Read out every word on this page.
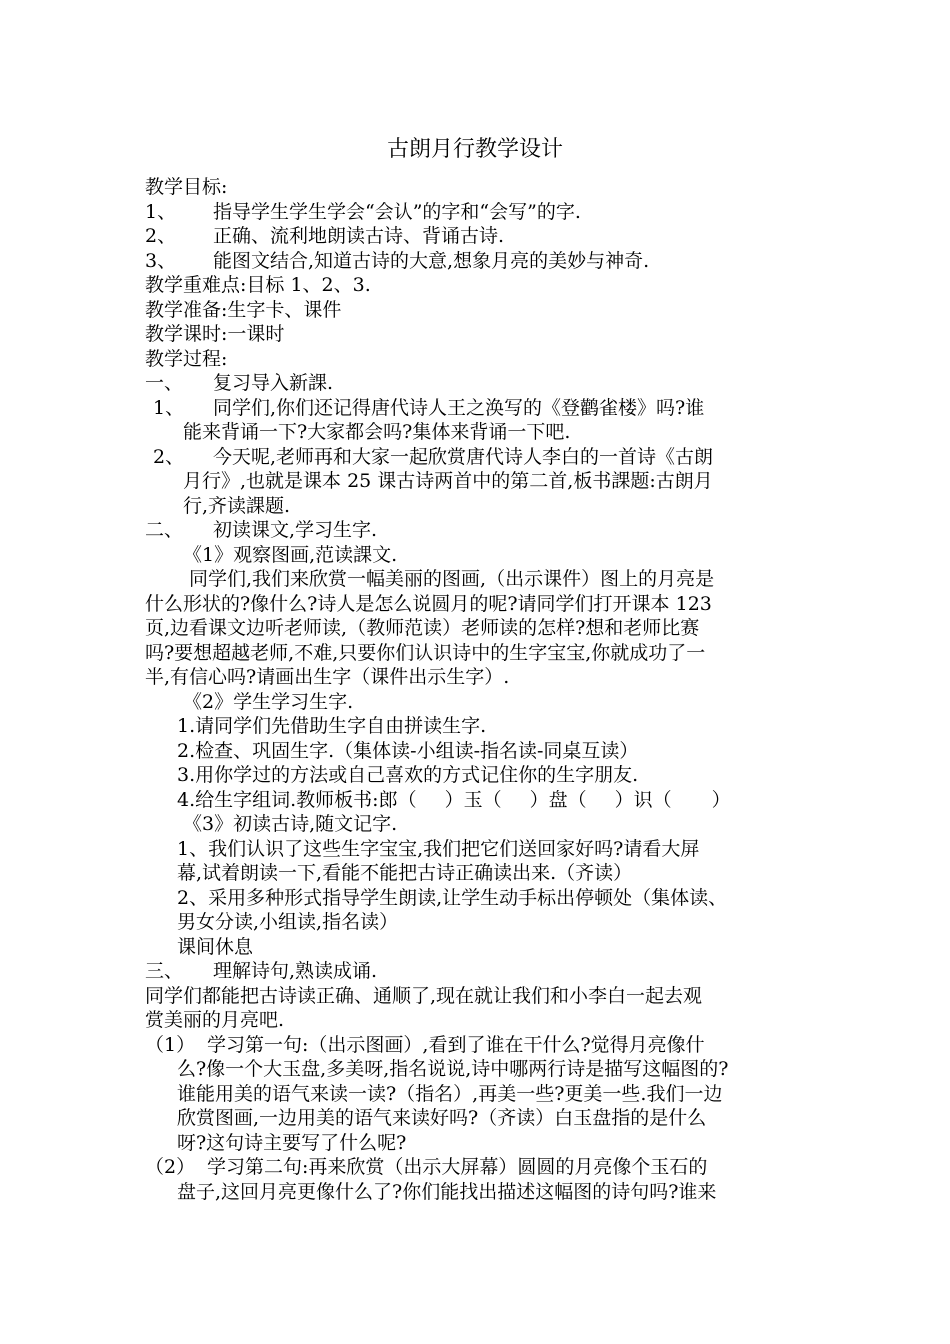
古朗月行教学设计
教学目标:
1、 指导学生学生学会“会认”的字和“会写”的字.
2、 正确、流利地朗读古诗、背诵古诗.
3、 能图文结合,知道古诗的大意,想象月亮的美妙与神奇.
教学重难点:目标 1、2、3.
教学准备:生字卡、课件
教学课时:一课时
教学过程:
一、 复习导入新課.
1、 同学们,你们还记得唐代诗人王之涣写的《登鹳雀楼》吗?谁
能来背诵一下?大家都会吗?集体来背诵一下吧.
2、 今天呢,老师再和大家一起欣赏唐代诗人李白的一首诗《古朗
月行》,也就是课本 25 课古诗两首中的第二首,板书課题:古朗月
行,齐读課题.
二、 初读课文,学习生字.
《1》观察图画,范读課文.
同学们,我们来欣赏一幅美丽的图画,（出示课件）图上的月亮是
什么形状的?像什么?诗人是怎么说圆月的呢?请同学们打开课本 123
页,边看课文边听老师读,（教师范读）老师读的怎样?想和老师比赛
吗?要想超越老师,不难,只要你们认识诗中的生字宝宝,你就成功了一
半,有信心吗?请画出生字（课件出示生字）.
《2》学生学习生字.
1.请同学们先借助生字自由拼读生字.
2.检查、巩固生字.（集体读-小组读-指名读-同桌互读）
3.用你学过的方法或自己喜欢的方式记住你的生字朋友.
4.给生字组词.教师板书:郎（ ）玉（ ）盘（ ）识（ ）
《3》初读古诗,随文记字.
1、我们认识了这些生字宝宝,我们把它们送回家好吗?请看大屏
幕,试着朗读一下,看能不能把古诗正确读出来.（齐读）
2、采用多种形式指导学生朗读,让学生动手标出停顿处（集体读、
男女分读,小组读,指名读）
课间休息
三、 理解诗句,熟读成诵.
同学们都能把古诗读正确、通顺了,现在就让我们和小李白一起去观
赏美丽的月亮吧.
（1） 学习第一句:（出示图画）,看到了谁在干什么?觉得月亮像什
么?像一个大玉盘,多美呀,指名说说,诗中哪两行诗是描写这幅图的?
谁能用美的语气来读一读?（指名）,再美一些?更美一些.我们一边
欣赏图画,一边用美的语气来读好吗?（齐读）白玉盘指的是什么
呀?这句诗主要写了什么呢?
（2） 学习第二句:再来欣赏（出示大屏幕）圆圆的月亮像个玉石的
盘子,这回月亮更像什么了?你们能找出描述这幅图的诗句吗?谁来
